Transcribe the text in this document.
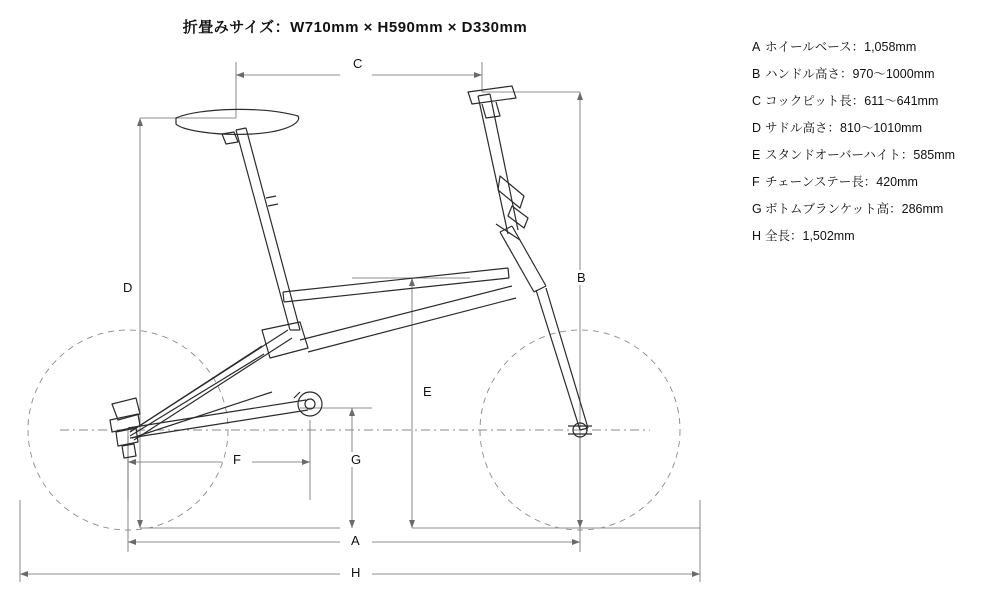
折畳みサイズ：W710mm × H590mm × D330mm
C
D
B
E
G
F
A
H
A ホイールベース：1,058mm
B ハンドル高さ：970〜1000mm
C コックピット長：611〜641mm
D サドル高さ：810〜1010mm
E スタンドオーバーハイト：585mm
F チェーンステー長：420mm
G ボトムブランケット高：286mm
H 全長：1,502mm
